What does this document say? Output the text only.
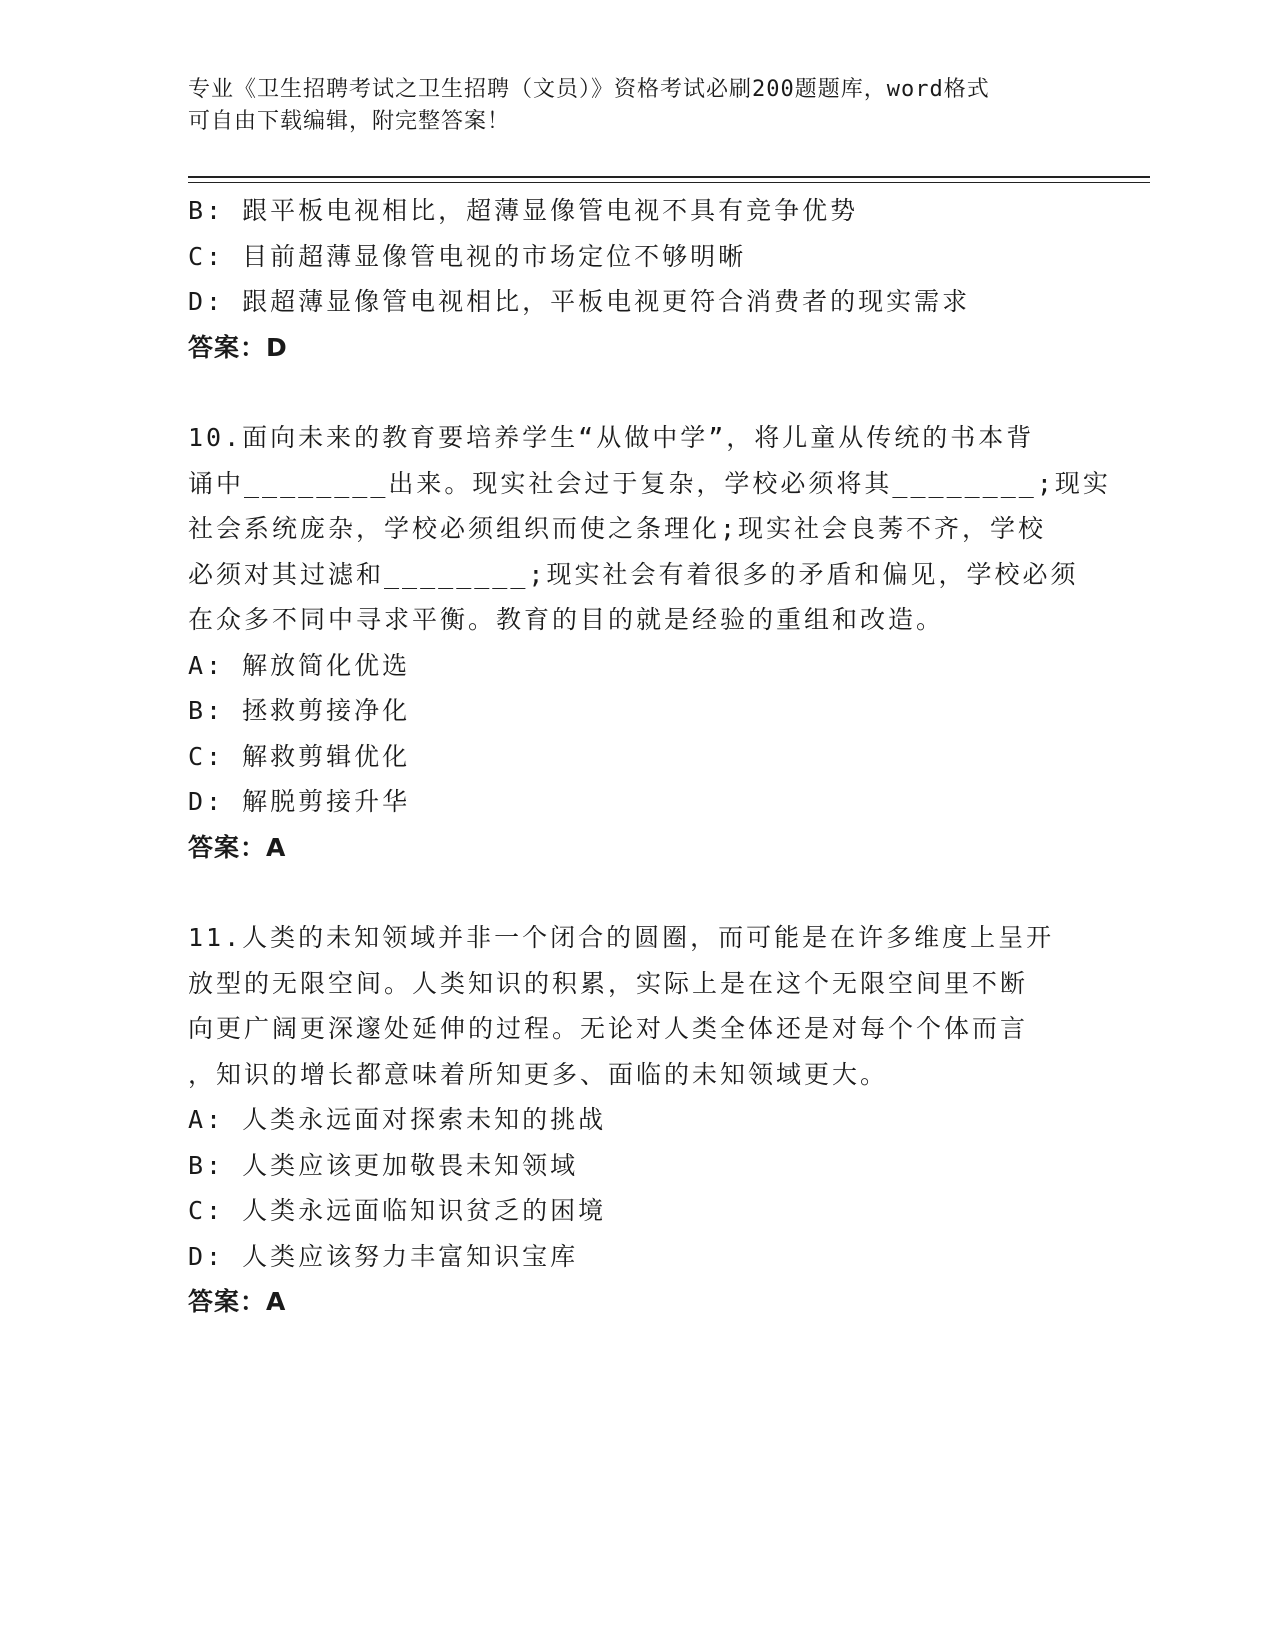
专业《卫生招聘考试之卫生招聘（文员）》资格考试必刷200题题库，word格式
可自由下载编辑，附完整答案！
B: 跟平板电视相比，超薄显像管电视不具有竞争优势
C: 目前超薄显像管电视的市场定位不够明晰
D: 跟超薄显像管电视相比，平板电视更符合消费者的现实需求
答案：D
10.面向未来的教育要培养学生“从做中学”，将儿童从传统的书本背
诵中________出来。现实社会过于复杂，学校必须将其________;现实
社会系统庞杂，学校必须组织而使之条理化;现实社会良莠不齐，学校
必须对其过滤和________;现实社会有着很多的矛盾和偏见，学校必须
在众多不同中寻求平衡。教育的目的就是经验的重组和改造。
A: 解放简化优选
B: 拯救剪接净化
C: 解救剪辑优化
D: 解脱剪接升华
答案：A
11.人类的未知领域并非一个闭合的圆圈，而可能是在许多维度上呈开
放型的无限空间。人类知识的积累，实际上是在这个无限空间里不断
向更广阔更深邃处延伸的过程。无论对人类全体还是对每个个体而言
，知识的增长都意味着所知更多、面临的未知领域更大。
A: 人类永远面对探索未知的挑战
B: 人类应该更加敬畏未知领域
C: 人类永远面临知识贫乏的困境
D: 人类应该努力丰富知识宝库
答案：A
